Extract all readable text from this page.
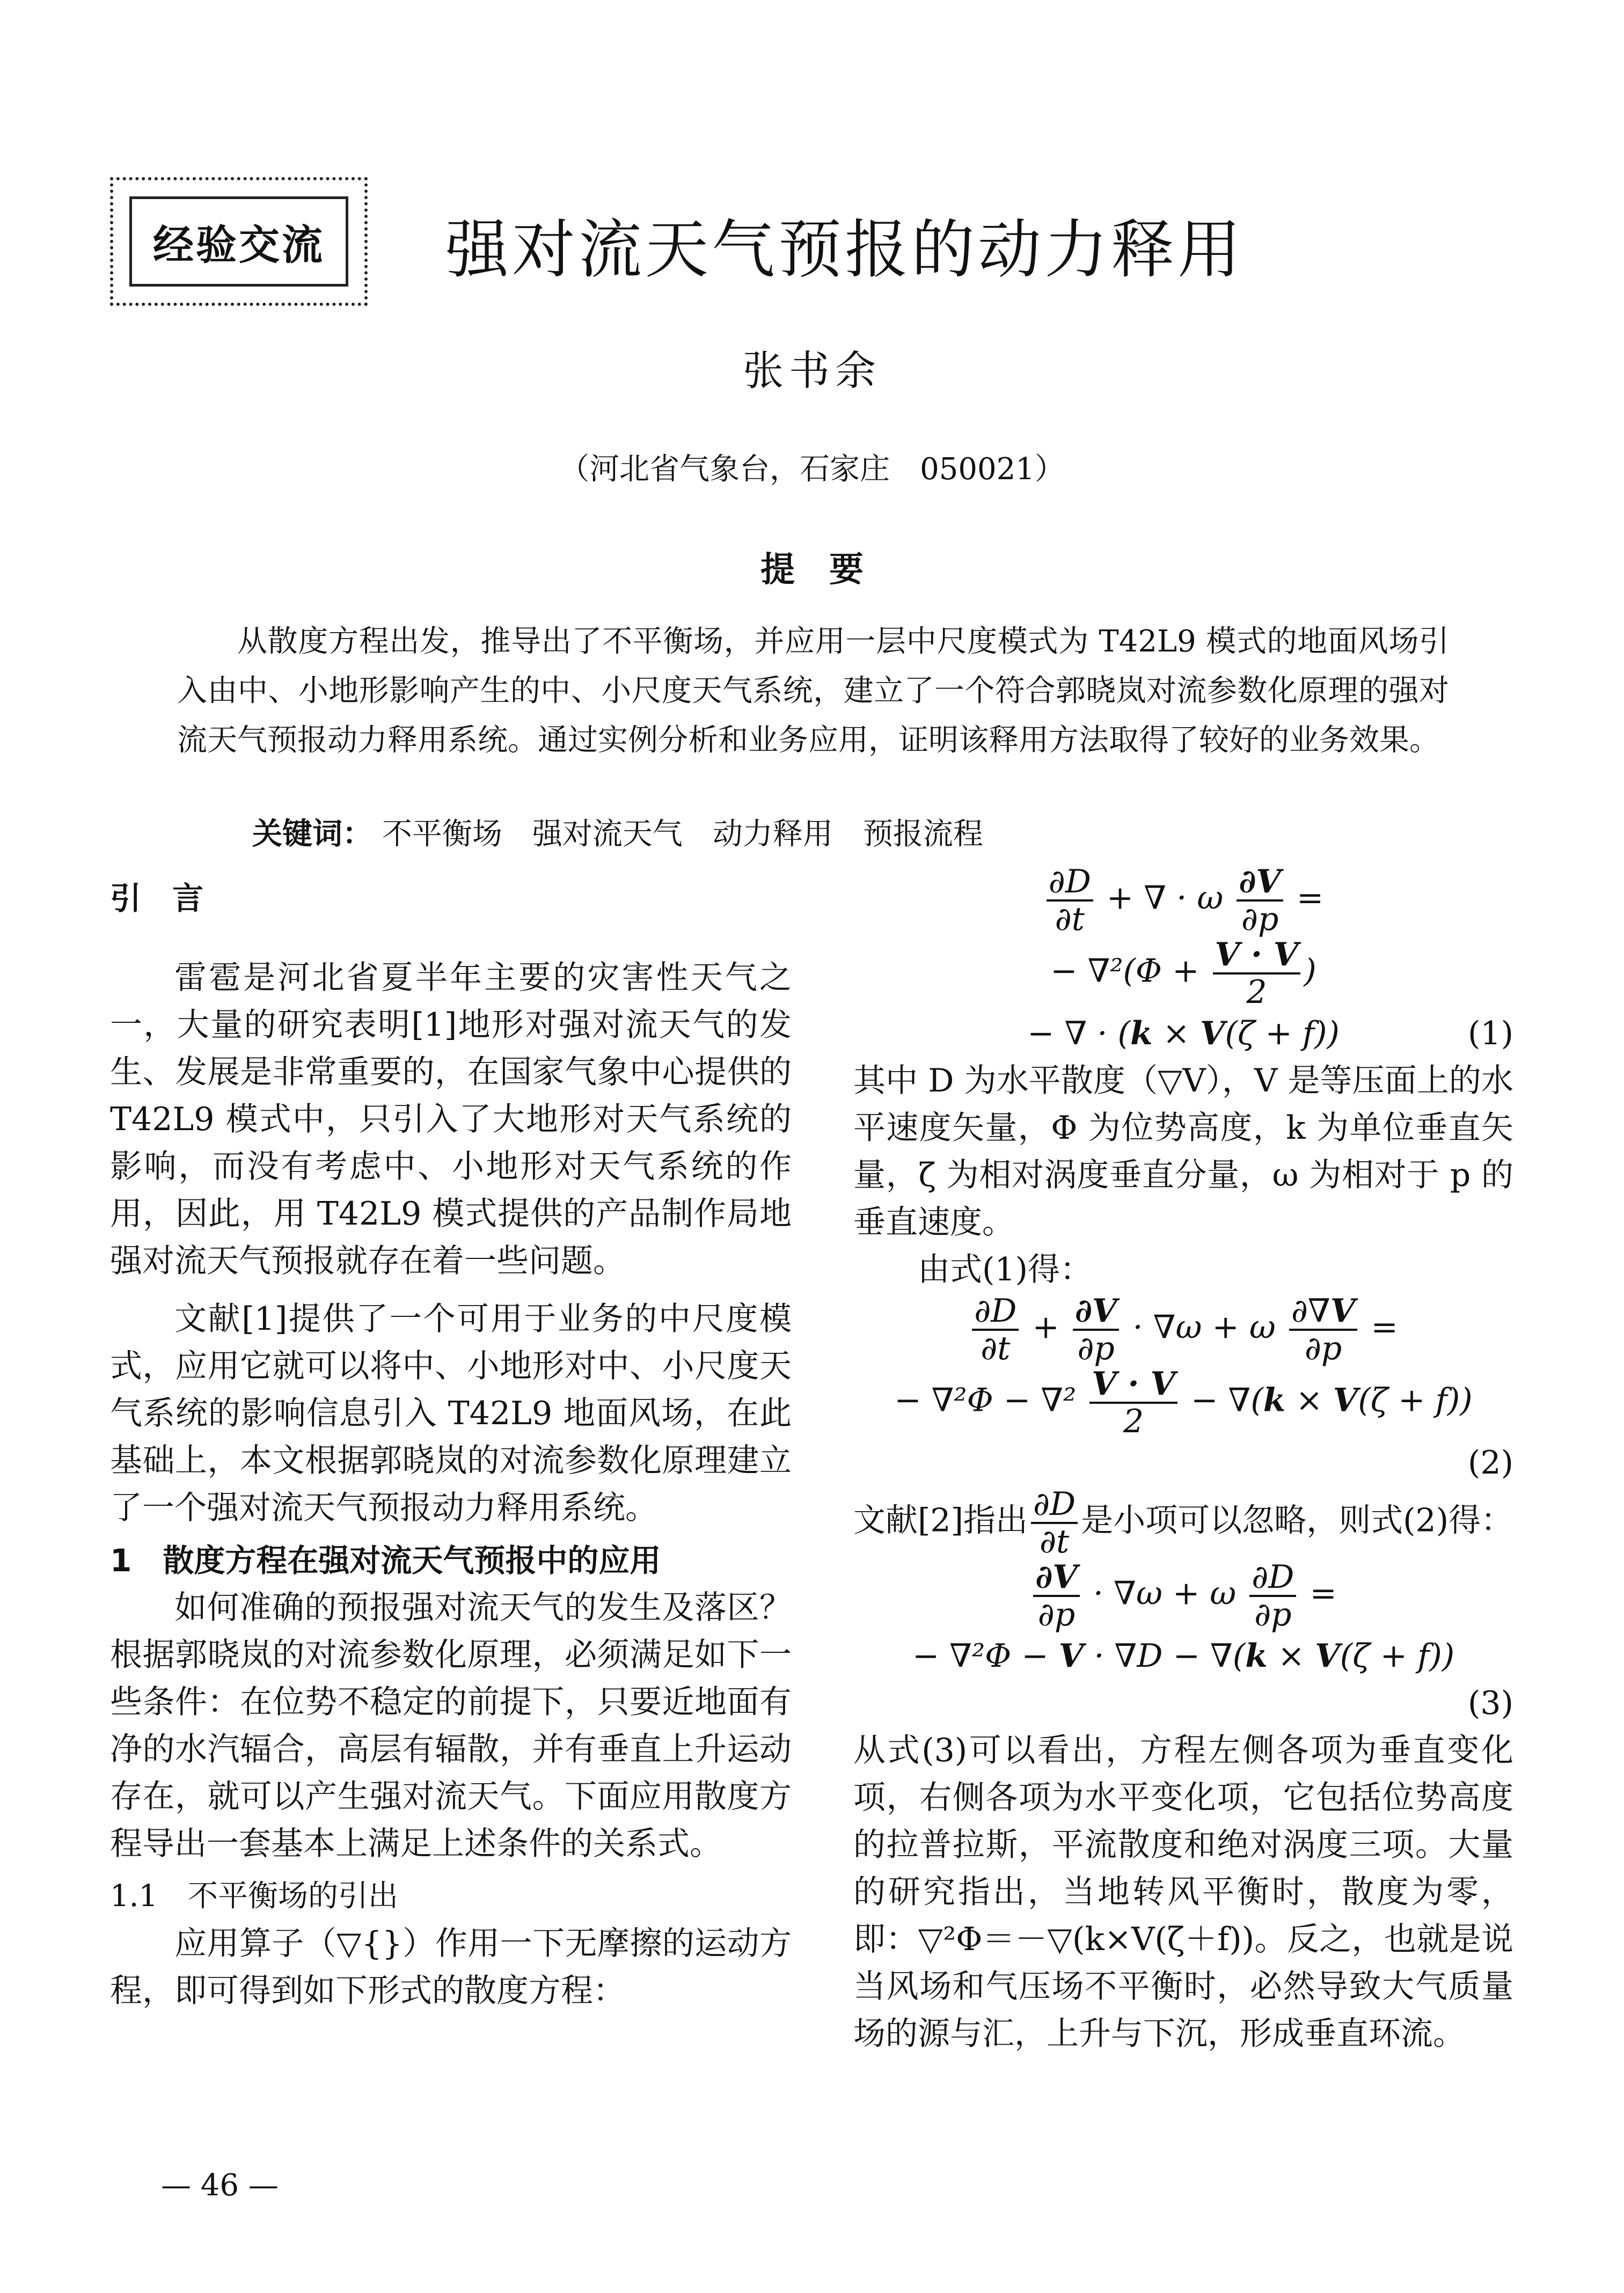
经验交流 强对流天气预报的动力释用
张书余
（河北省气象台，石家庄　050021）
提　要
从散度方程出发，推导出了不平衡场，并应用一层中尺度模式为 T42L9 模式的地面风场引入由中、小地形影响产生的中、小尺度天气系统，建立了一个符合郭晓岚对流参数化原理的强对流天气预报动力释用系统。通过实例分析和业务应用，证明该释用方法取得了较好的业务效果。
关键词： 不平衡场　强对流天气　动力释用　预报流程

引　言

雷雹是河北省夏半年主要的灾害性天气之一，大量的研究表明[1]地形对强对流天气的发生、发展是非常重要的，在国家气象中心提供的 T42L9 模式中，只引入了大地形对天气系统的影响，而没有考虑中、小地形对天气系统的作用，因此，用 T42L9 模式提供的产品制作局地强对流天气预报就存在着一些问题。

文献[1]提供了一个可用于业务的中尺度模式，应用它就可以将中、小地形对中、小尺度天气系统的影响信息引入 T42L9 地面风场，在此基础上，本文根据郭晓岚的对流参数化原理建立了一个强对流天气预报动力释用系统。

1　散度方程在强对流天气预报中的应用

如何准确的预报强对流天气的发生及落区？根据郭晓岚的对流参数化原理，必须满足如下一些条件：在位势不稳定的前提下，只要近地面有净的水汽辐合，高层有辐散，并有垂直上升运动存在，就可以产生强对流天气。下面应用散度方程导出一套基本上满足上述条件的关系式。

1.1　不平衡场的引出

应用算子（▽{}）作用一下无摩擦的运动方程，即可得到如下形式的散度方程：

$\frac{\partial D}{\partial t}$ + ∇ · ω $\frac{\partial V}{\partial p}$ =
− $\nabla^2(\Phi + \frac{V \cdot V}{2}$ )
− ∇ · (k × V(ζ + f))	(1)

其中 D 为水平散度（▽V），V 是等压面上的水平速度矢量，Φ 为位势高度，k 为单位垂直矢量，ζ 为相对涡度垂直分量，ω 为相对于 p 的垂直速度。

由式(1)得：

$\frac{\partial D}{\partial t} + \frac{\partial V}{\partial p} \cdot \nabla\omega + \omega \frac{\partial\nabla V}{\partial p}$ =
− $\nabla^2\Phi - \nabla^2 \frac{V \cdot V}{2} - \nabla(k \times V(\zeta + f))$
(2)

文献[2]指出 $\frac{\partial D}{\partial t}$ 是小项可以忽略，则式(2)得：

$\frac{\partial V}{\partial p} \cdot \nabla\omega + \omega \frac{\partial D}{\partial p}$ =
− ∇²Φ − V · ∇D − ∇(k × V(ζ + f))
(3)

从式(3)可以看出，方程左侧各项为垂直变化项，右侧各项为水平变化项，它包括位势高度的拉普拉斯，平流散度和绝对涡度三项。大量的研究指出，当地转风平衡时，散度为零，即：▽²Φ＝－▽(k×V(ζ＋f))。反之，也就是说当风场和气压场不平衡时，必然导致大气质量场的源与汇，上升与下沉，形成垂直环流。

— 46 —
